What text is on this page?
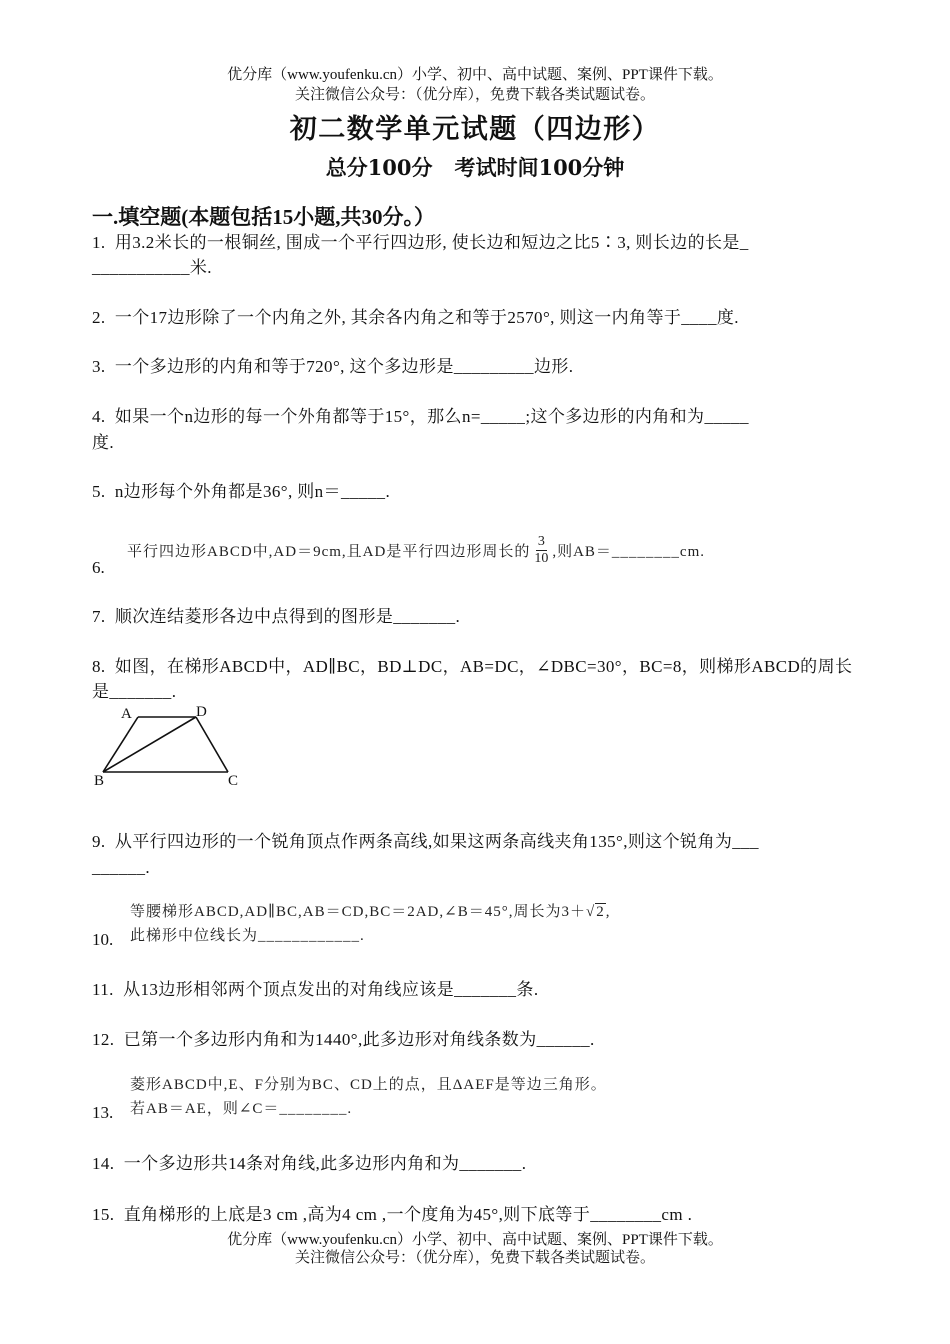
优分库（www.youfenku.cn）小学、初中、高中试题、案例、PPT课件下载。
关注微信公众号：（优分库），免费下载各类试题试卷。
初二数学单元试题（四边形）
总分100分   考试时间100分钟
一.填空题(本题包括15小题,共30分。）
1.  用3.2米长的一根铜丝, 围成一个平行四边形, 使长边和短边之比5∶3, 则长边的长是_
___________米.
2.  一个17边形除了一个内角之外, 其余各内角之和等于2570°, 则这一内角等于____度.
3.  一个多边形的内角和等于720°, 这个多边形是_________边形.
4.  如果一个n边形的每一个外角都等于15°，那么n=_____;这个多边形的内角和为_____
度.
5.  n边形每个外角都是36°, 则n＝_____.
平行四边形ABCD中,AD＝9cm,且AD是平行四边形周长的 $\frac{3}{10}$ ,则AB＝________cm.
6.
7.  顺次连结菱形各边中点得到的图形是_______.
8.  如图，在梯形ABCD中，AD∥BC，BD⊥DC，AB=DC，∠DBC=30°，BC=8，则梯形ABCD的周长
是_______.
A	D
B	C
9.  从平行四边形的一个锐角顶点作两条高线,如果这两条高线夹角135°,则这个锐角为___
______.
等腰梯形ABCD,AD∥BC,AB＝CD,BC＝2AD,∠B＝45°,周长为3＋√2,
此梯形中位线长为____________.
10.
11.  从13边形相邻两个顶点发出的对角线应该是_______条.
12.  已第一个多边形内角和为1440°,此多边形对角线条数为______.
菱形ABCD中,E、F分别为BC、CD上的点，且ΔAEF是等边三角形。
若AB＝AE，则∠C＝________.
13.
14.  一个多边形共14条对角线,此多边形内角和为_______.
15.  直角梯形的上底是3 cm ,高为4 cm ,一个度角为45°,则下底等于________cm .
优分库（www.youfenku.cn）小学、初中、高中试题、案例、PPT课件下载。
关注微信公众号：（优分库），免费下载各类试题试卷。
